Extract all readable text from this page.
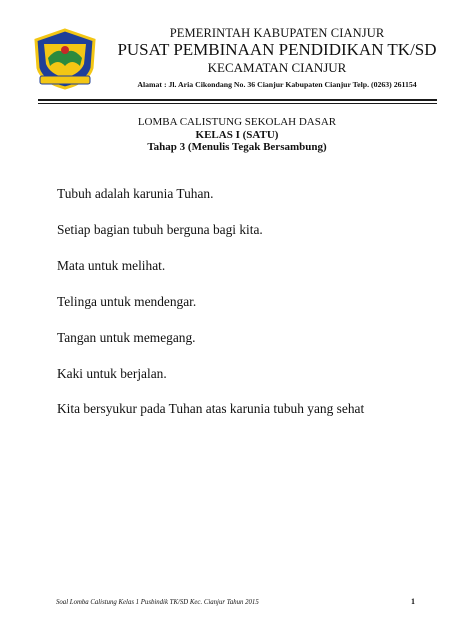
PEMERINTAH KABUPATEN CIANJUR
PUSAT PEMBINAAN PENDIDIKAN TK/SD
KECAMATAN CIANJUR
Alamat : Jl. Aria Cikondang No. 36 Cianjur Kabupaten Cianjur Telp. (0263) 261154
LOMBA CALISTUNG SEKOLAH DASAR
KELAS I (SATU)
Tahap 3 (Menulis Tegak Bersambung)
Tubuh adalah karunia Tuhan.
Setiap bagian tubuh berguna bagi kita.
Mata untuk melihat.
Telinga untuk mendengar.
Tangan untuk memegang.
Kaki untuk berjalan.
Kita bersyukur pada Tuhan atas karunia tubuh yang sehat
Soal Lomba Calistung Kelas 1 Pusbindik TK/SD Kec. Cianjur Tahun 2015	1
